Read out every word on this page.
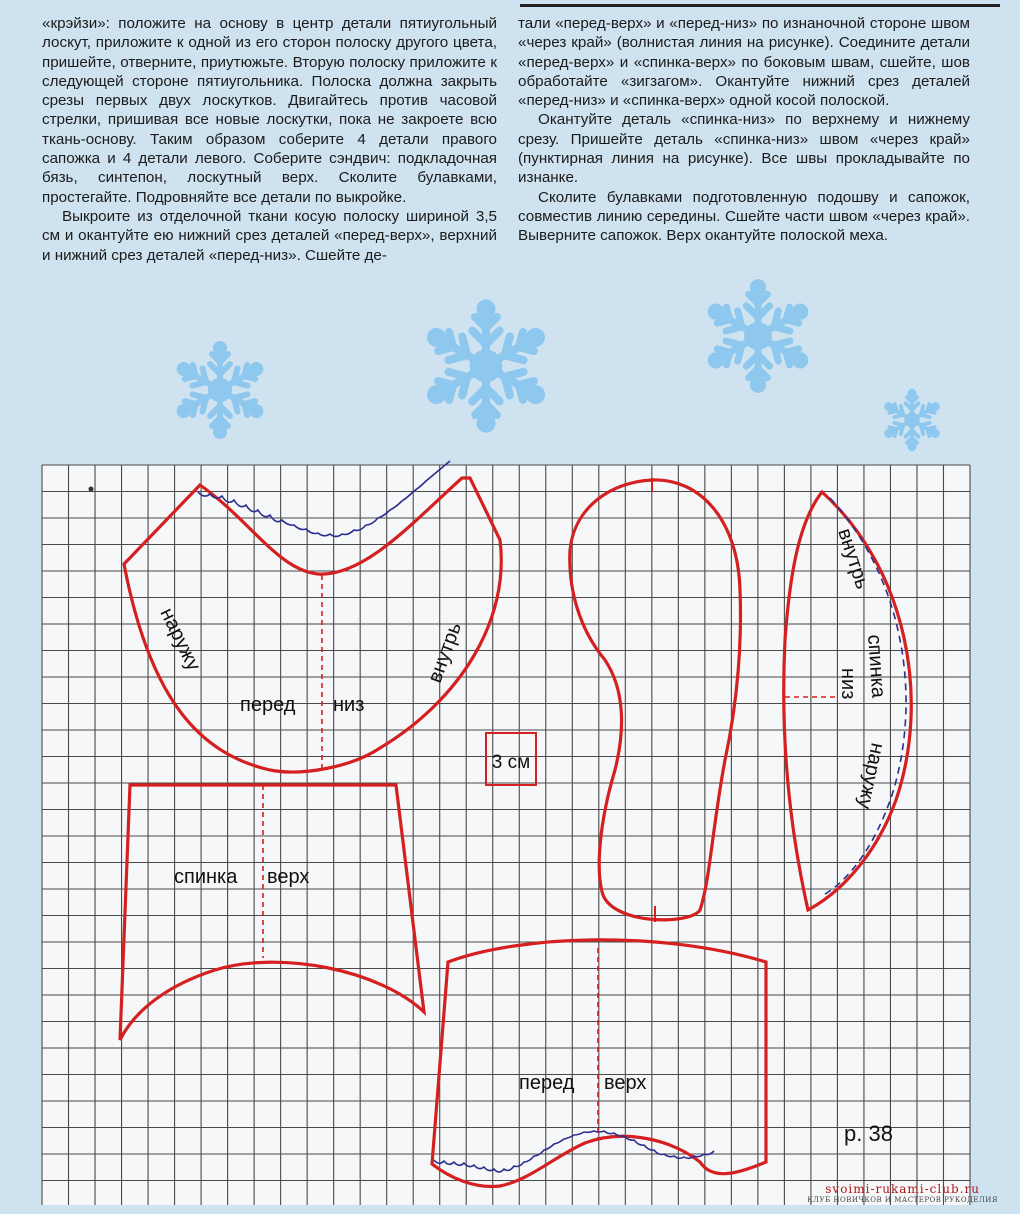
«крэйзи»: положите на основу в центр детали пятиугольный лоскут, приложите к одной из его сторон полоску другого цвета, пришейте, отверните, приутюжьте. Вторую полоску приложите к следующей стороне пятиугольника. Полоска должна закрыть срезы первых двух лоскутков. Двигайтесь против часовой стрелки, пришивая все новые лоскутки, пока не закроете всю ткань-основу. Таким образом соберите 4 детали правого сапожка и 4 детали левого. Соберите сэндвич: подкладочная бязь, синтепон, лоскутный верх. Сколите булавками, простегайте. Подровняйте все детали по выкройке.

Выкроите из отделочной ткани косую полоску шириной 3,5 см и окантуйте ею нижний срез деталей «перед-верх», верхний и нижний срез деталей «перед-низ». Сшейте де-

тали «перед-верх» и «перед-низ» по изнаночной стороне швом «через край» (волнистая линия на рисунке). Соедините детали «перед-верх» и «спинка-верх» по боковым швам, сшейте, шов обработайте «зигзагом». Окантуйте нижний срез деталей «перед-низ» и «спинка-верх» одной косой полоской.

Окантуйте деталь «спинка-низ» по верхнему и нижнему срезу. Пришейте деталь «спинка-низ» швом «через край» (пунктирная линия на рисунке). Все швы прокладывайте по изнанке.

Сколите булавками подготовленную подошву и сапожок, совместив линию середины. Сшейте части швом «через край». Выверните сапожок. Верх окантуйте полоской меха.

перед низ
наружу	внутрь
спинка верх
3 см
внутрь
спинка
низ
наружу
перед верх
р. 38
svoimi-rukami-club.ru
КЛУБ НОВИЧКОВ И МАСТЕРОВ РУКОДЕЛИЯ
